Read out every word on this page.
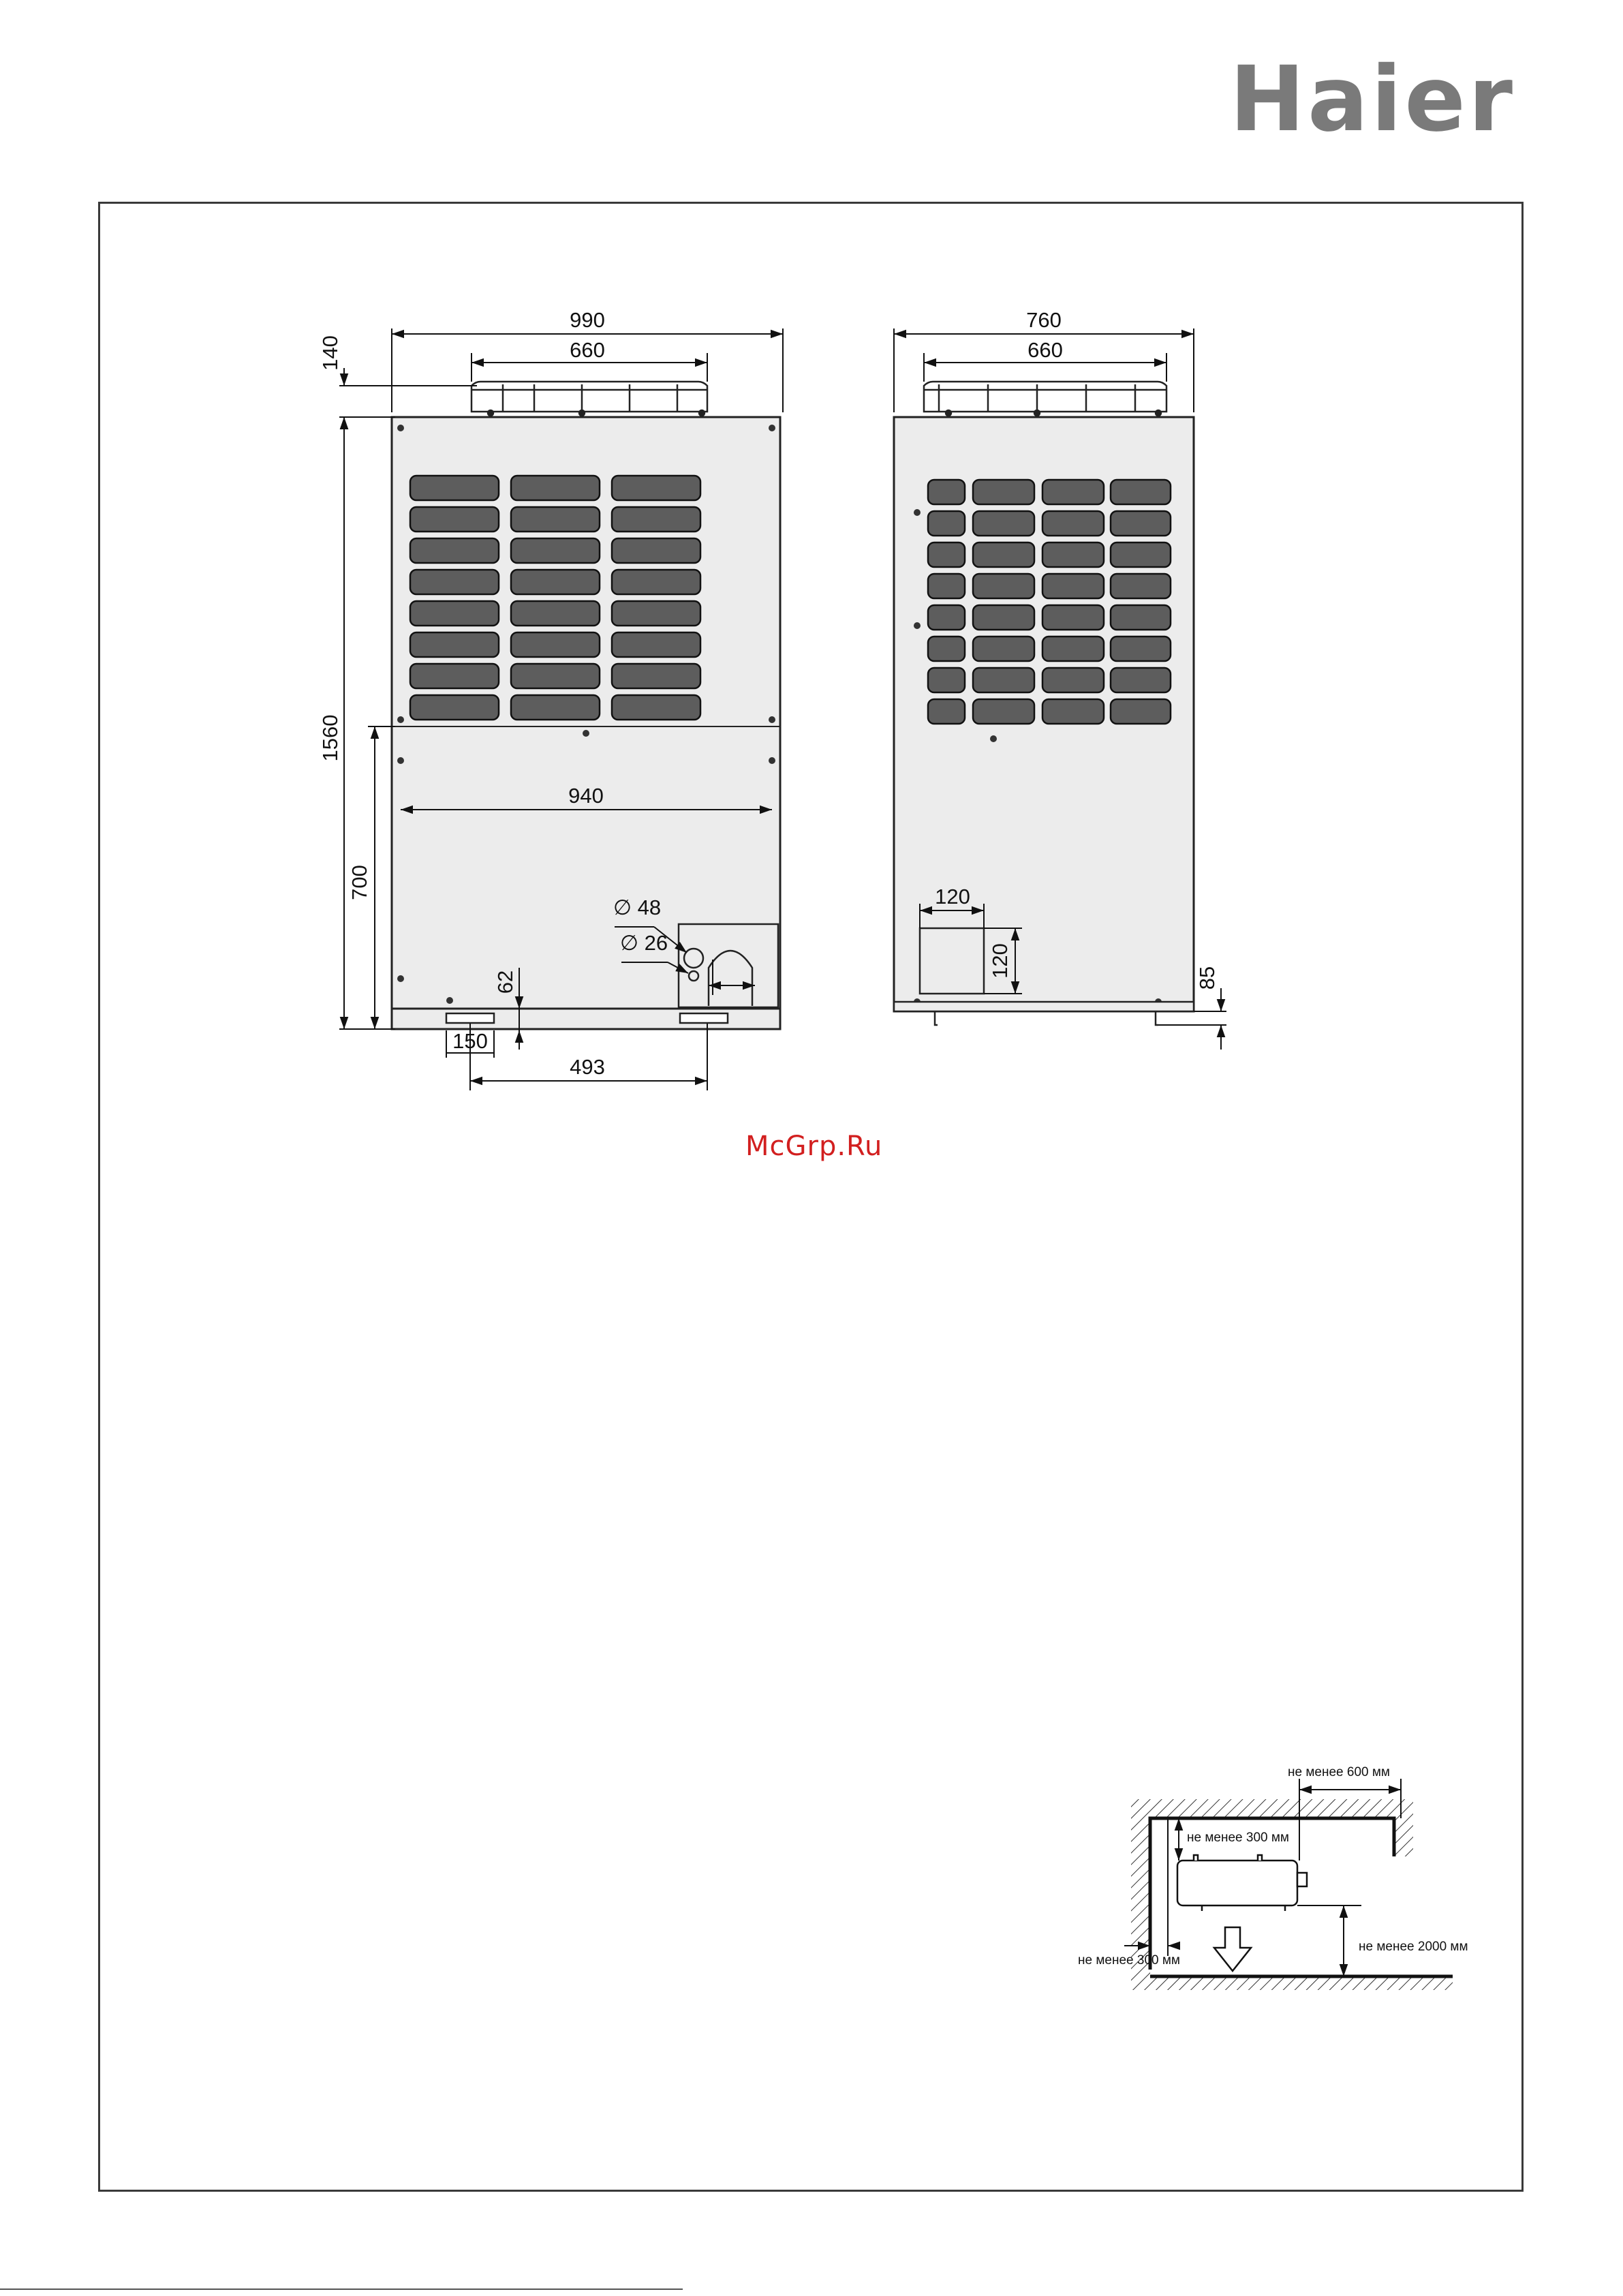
Haier
990
660
140
1560
700
940
∅ 48
∅ 26
62
150
493
760
660
120
120	85
не менее 600 мм
не менее 300 мм
не менее 300 мм
не менее 2000 мм
McGrp.Ru
